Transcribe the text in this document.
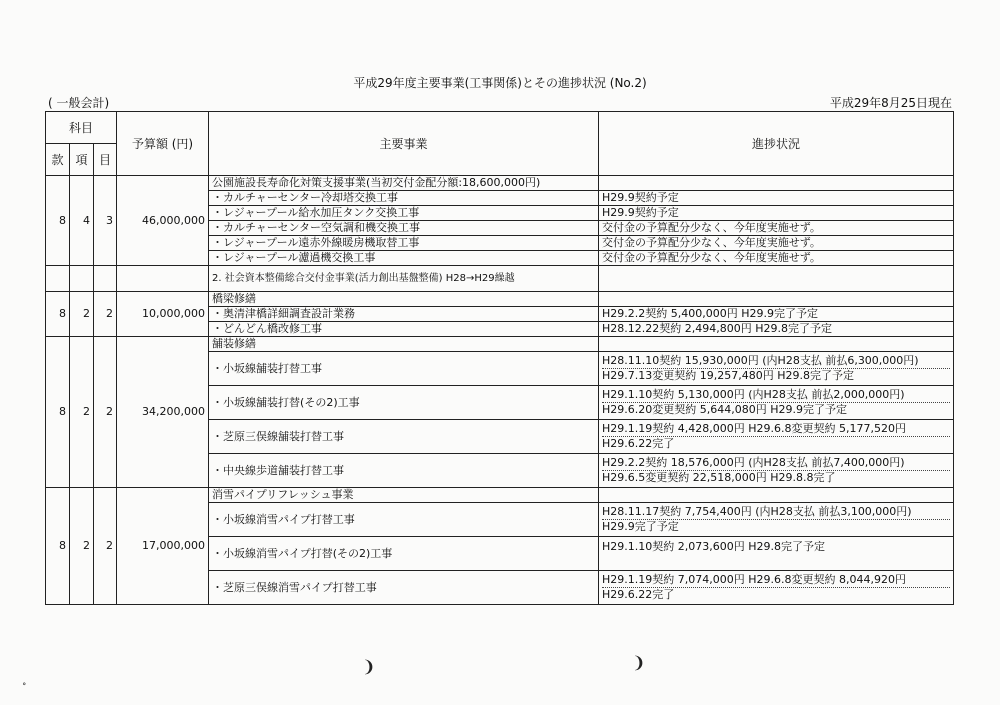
平成29年度主要事業(工事関係)とその進捗状況 (No.2)
( 一般会計)	平成29年8月25日現在
科目			予算額 (円)	主要事業	進捗状況
款	項	目			
8	4	3	46,000,000	公園施設長寿命化対策支援事業(当初交付金配分額:18,600,000円)	
				・カルチャーセンター冷却塔交換工事	H29.9契約予定
				・レジャープール給水加圧タンク交換工事	H29.9契約予定
				・カルチャーセンター空気調和機交換工事	交付金の予算配分少なく、今年度実施せず。
				・レジャープール遠赤外線暖房機取替工事	交付金の予算配分少なく、今年度実施せず。
				・レジャープール濾過機交換工事	交付金の予算配分少なく、今年度実施せず。
				2. 社会資本整備総合交付金事業(活力創出基盤整備) H28→H29繰越	
8	2	2	10,000,000	橋梁修繕	
				・奥清津橋詳細調査設計業務	H29.2.2契約 5,400,000円 H29.9完了予定
				・どんどん橋改修工事	H28.12.22契約 2,494,800円 H29.8完了予定
8	2	2	34,200,000	舗装修繕	
				・小坂線舗装打替工事	H28.11.10契約 15,930,000円 (内H28支払 前払6,300,000円)
H29.7.13変更契約 19,257,480円 H29.8完了予定

				・小坂線舗装打替(その2)工事	H29.1.10契約 5,130,000円 (内H28支払 前払2,000,000円)
H29.6.20変更契約 5,644,080円 H29.9完了予定

				・芝原三俣線舗装打替工事	H29.1.19契約 4,428,000円 H29.6.8変更契約 5,177,520円
H29.6.22完了

				・中央線歩道舗装打替工事	H29.2.2契約 18,576,000円 (内H28支払 前払7,400,000円)
H29.6.5変更契約 22,518,000円 H29.8.8完了

8	2	2	17,000,000	消雪パイプリフレッシュ事業	
				・小坂線消雪パイプ打替工事	H28.11.17契約 7,754,400円 (内H28支払 前払3,100,000円)
H29.9完了予定

				・小坂線消雪パイプ打替(その2)工事	H29.1.10契約 2,073,600円 H29.8完了予定

				・芝原三俣線消雪パイプ打替工事	H29.1.19契約 7,074,000円 H29.6.8変更契約 8,044,920円
H29.6.22完了
❩	❩
˳
